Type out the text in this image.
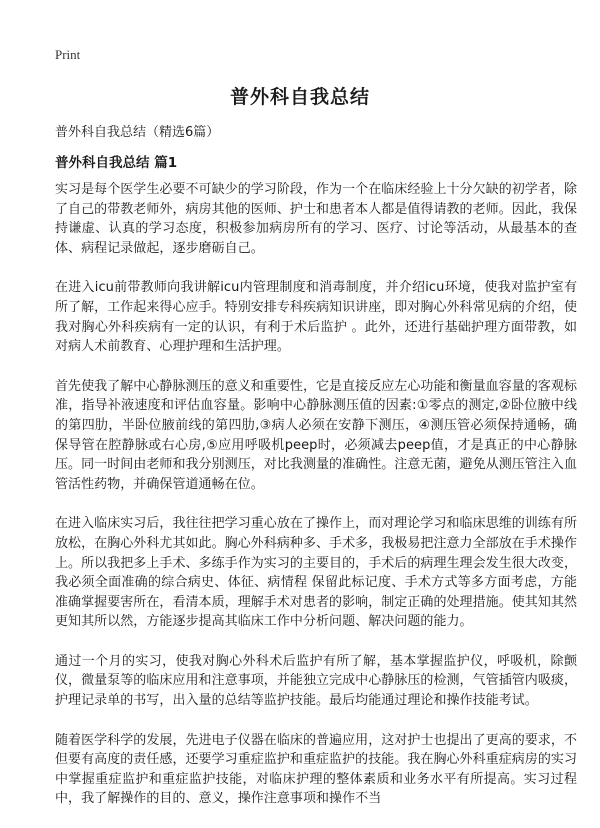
Print
普外科自我总结
普外科自我总结（精选6篇）
普外科自我总结 篇1

实习是每个医学生必要不可缺少的学习阶段，作为一个在临床经验上十分欠缺的初学者，除了自己的带教老师外，病房其他的医师、护士和患者本人都是值得请教的老师。因此，我保持谦虚、认真的学习态度，积极参加病房所有的学习、医疗、讨论等活动，从最基本的查体、病程记录做起，逐步磨砺自己。

在进入icu前带教师向我讲解icu内管理制度和消毒制度，并介绍icu环境，使我对监护室有所了解，工作起来得心应手。特别安排专科疾病知识讲座，即对胸心外科常见病的介绍，使我对胸心外科疾病有一定的认识，有利于术后监护 。此外，还进行基础护理方面带教，如对病人术前教育、心理护理和生活护理。

首先使我了解中心静脉测压的意义和重要性，它是直接反应左心功能和衡量血容量的客观标准，指导补液速度和评估血容量。影响中心静脉测压值的因素:①零点的测定,②卧位腋中线的第四肋，半卧位腋前线的第四肋,③病人必须在安静下测压，④测压管必须保持通畅，确保导管在腔静脉或右心房,⑤应用呼吸机peep时，必须减去peep值，才是真正的中心静脉压。同一时间由老师和我分别测压，对比我测量的准确性。注意无菌，避免从测压管注入血管活性药物，并确保管道通畅在位。

在进入临床实习后，我往往把学习重心放在了操作上，而对理论学习和临床思维的训练有所放松，在胸心外科尤其如此。胸心外科病种多、手术多，我极易把注意力全部放在手术操作上。所以我把多上手术、多练手作为实习的主要目的，手术后的病理生理会发生很大改变，我必须全面准确的综合病史、体征、病情程 保留此标记度、手术方式等多方面考虑，方能准确掌握要害所在，看清本质，理解手术对患者的影响，制定正确的处理措施。使其知其然更知其所以然，方能逐步提高其临床工作中分析问题、解决问题的能力。

通过一个月的实习，使我对胸心外科术后监护有所了解，基本掌握监护仪，呼吸机，除颤仪，微量泵等的临床应用和注意事项，并能独立完成中心静脉压的检测，气管插管内吸痰，护理记录单的书写，出入量的总结等监护技能。最后均能通过理论和操作技能考试。

随着医学科学的发展，先进电子仪器在临床的普遍应用，这对护士也提出了更高的要求，不但要有高度的责任感，还要学习重症监护和重症监护的技能。我在胸心外科重症病房的实习中掌握重症监护和重症监护技能，对临床护理的整体素质和业务水平有所提高。实习过程中，我了解操作的目的、意义，操作注意事项和操作不当
